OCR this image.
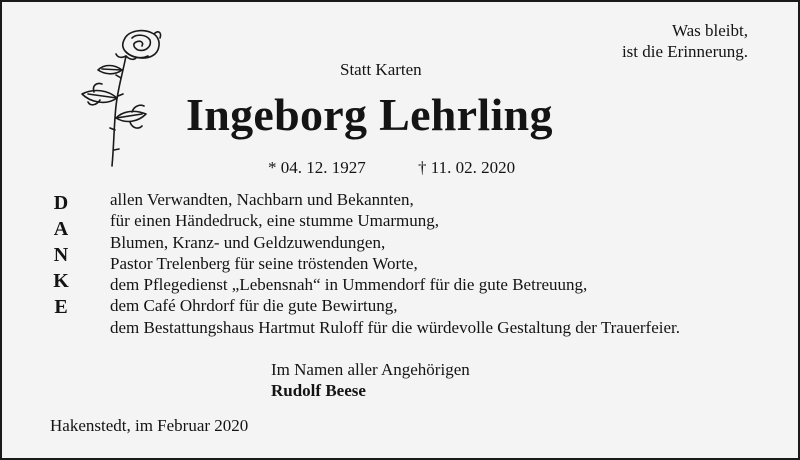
Was bleibt,
ist die Erinnerung.
Statt Karten
Ingeborg Lehrling
* 04. 12. 1927	† 11. 02. 2020
D
A
N
K
E
allen Verwandten, Nachbarn und Bekannten,
für einen Händedruck, eine stumme Umarmung,
Blumen, Kranz- und Geldzuwendungen,
Pastor Trelenberg für seine tröstenden Worte,
dem Pflegedienst „Lebensnah“ in Ummendorf für die gute Betreuung,
dem Café Ohrdorf für die gute Bewirtung,
dem Bestattungshaus Hartmut Ruloff für die würdevolle Gestaltung der Trauerfeier.
Im Namen aller Angehörigen
Rudolf Beese
Hakenstedt, im Februar 2020
